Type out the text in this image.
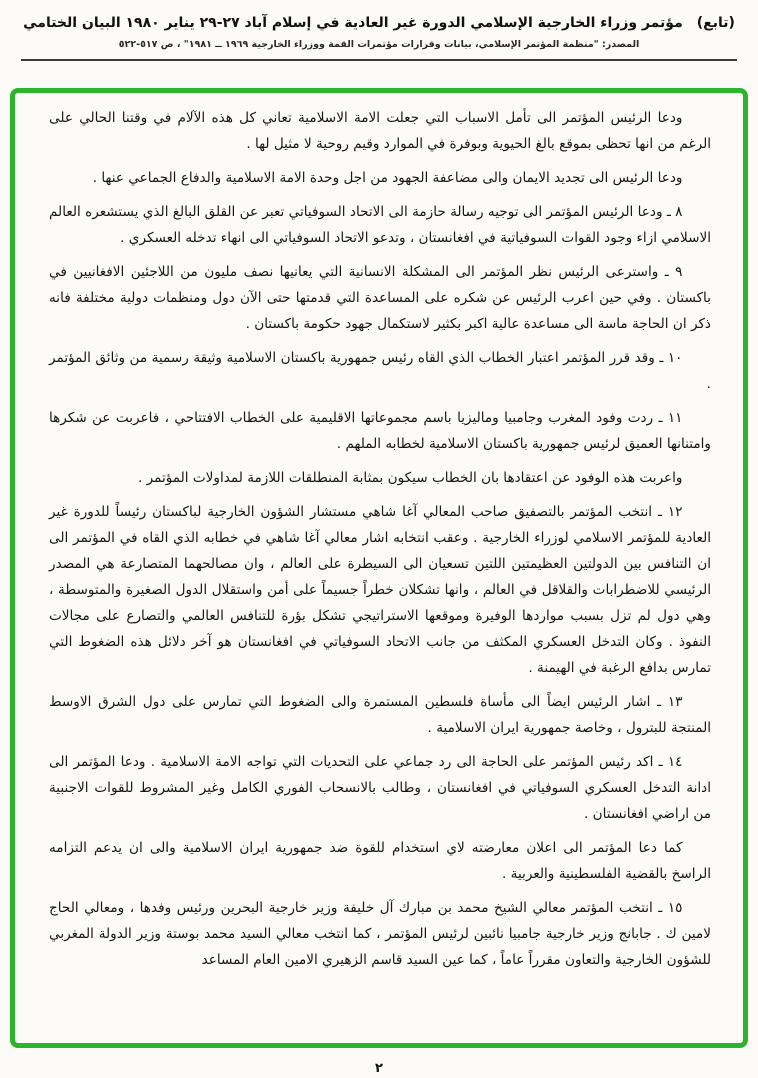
(تابع)
مؤتمر وزراء الخارجية الإسلامي الدورة غير العادية في إسلام آباد ٢٧-٢٩ يناير ١٩٨٠ البيان الختامي
المصدر: "منظمة المؤتمر الإسلامي، بيانات وقرارات مؤتمرات القمة ووزراء الخارجية ١٩٦٩ ــ ١٩٨١" ، ص ٥١٧-٥٢٢

ودعا الرئيس المؤتمر الى تأمل الاسباب التي جعلت الامة الاسلامية تعاني كل هذه الآلام في وقتنا الحالي على الرغم من انها تحظى بموقع بالغ الحيوية وبوفرة في الموارد وقيم روحية لا مثيل لها .

ودعا الرئيس الى تجديد الايمان والى مضاعفة الجهود من اجل وحدة الامة الاسلامية والدفاع الجماعي عنها .

٨ ـ ودعا الرئيس المؤتمر الى توجيه رسالة حازمة الى الاتحاد السوفياتي تعبر عن القلق البالغ الذي يستشعره العالم الاسلامي ازاء وجود القوات السوفياتية في افغانستان ، وتدعو الاتحاد السوفياتي الى انهاء تدخله العسكري .

٩ ـ واسترعى الرئيس نظر المؤتمر الى المشكلة الانسانية التي يعانيها نصف مليون من اللاجئين الافغانيين في باكستان . وفي حين اعرب الرئيس عن شكره على المساعدة التي قدمتها حتى الآن دول ومنظمات دولية مختلفة فانه ذكر ان الحاجة ماسة الى مساعدة عالية اكبر بكثير لاستكمال جهود حكومة باكستان .

١٠ ـ وقد قرر المؤتمر اعتبار الخطاب الذي القاه رئيس جمهورية باكستان الاسلامية وثيقة رسمية من وثائق المؤتمر .

١١ ـ ردت وفود المغرب وجامبيا وماليزيا باسم مجموعاتها الاقليمية على الخطاب الافتتاحي ، فاعربت عن شكرها وامتنانها العميق لرئيس جمهورية باكستان الاسلامية لخطابه الملهم .

واعربت هذه الوفود عن اعتقادها بان الخطاب سيكون بمثابة المنطلقات اللازمة لمداولات المؤتمر .

١٢ ـ انتخب المؤتمر بالتصفيق صاحب المعالي آغا شاهي مستشار الشؤون الخارجية لباكستان رئيساً للدورة غير العادية للمؤتمر الاسلامي لوزراء الخارجية . وعقب انتخابه اشار معالي آغا شاهي في خطابه الذي القاه في المؤتمر الى ان التنافس بين الدولتين العظيمتين اللتين تسعيان الى السيطرة على العالم ، وان مصالحهما المتصارعة هي المصدر الرئيسي للاضطرابات والقلاقل في العالم ، وانها تشكلان خطراً جسيماً على أمن واستقلال الدول الصغيرة والمتوسطة ، وهي دول لم تزل بسبب مواردها الوفيرة وموقعها الاستراتيجي تشكل بؤرة للتنافس العالمي والتصارع على مجالات النفوذ . وكان التدخل العسكري المكثف من جانب الاتحاد السوفياتي في افغانستان هو آخر دلائل هذه الضغوط التي تمارس بدافع الرغبة في الهيمنة .

١٣ ـ اشار الرئيس ايضاً الى مأساة فلسطين المستمرة والى الضغوط التي تمارس على دول الشرق الاوسط المنتجة للبترول ، وخاصة جمهورية ايران الاسلامية .

١٤ ـ اكد رئيس المؤتمر على الحاجة الى رد جماعي على التحديات التي تواجه الامة الاسلامية . ودعا المؤتمر الى ادانة التدخل العسكري السوفياتي في افغانستان ، وطالب بالانسحاب الفوري الكامل وغير المشروط للقوات الاجنبية من اراضي افغانستان .

كما دعا المؤتمر الى اعلان معارضته لاي استخدام للقوة ضد جمهورية ايران الاسلامية والى ان يدعم التزامه الراسخ بالقضية الفلسطينية والعربية .

١٥ ـ انتخب المؤتمر معالي الشيخ محمد بن مبارك آل خليفة وزير خارجية البحرين ورئيس وفدها ، ومعالي الحاج لامين ك . جابانج وزير خارجية جامبيا نائبين لرئيس المؤتمر ، كما انتخب معالي السيد محمد بوستة وزير الدولة المغربي للشؤون الخارجية والتعاون مقرراً عاماً ، كما عين السيد قاسم الزهيري الامين العام المساعد

٢
